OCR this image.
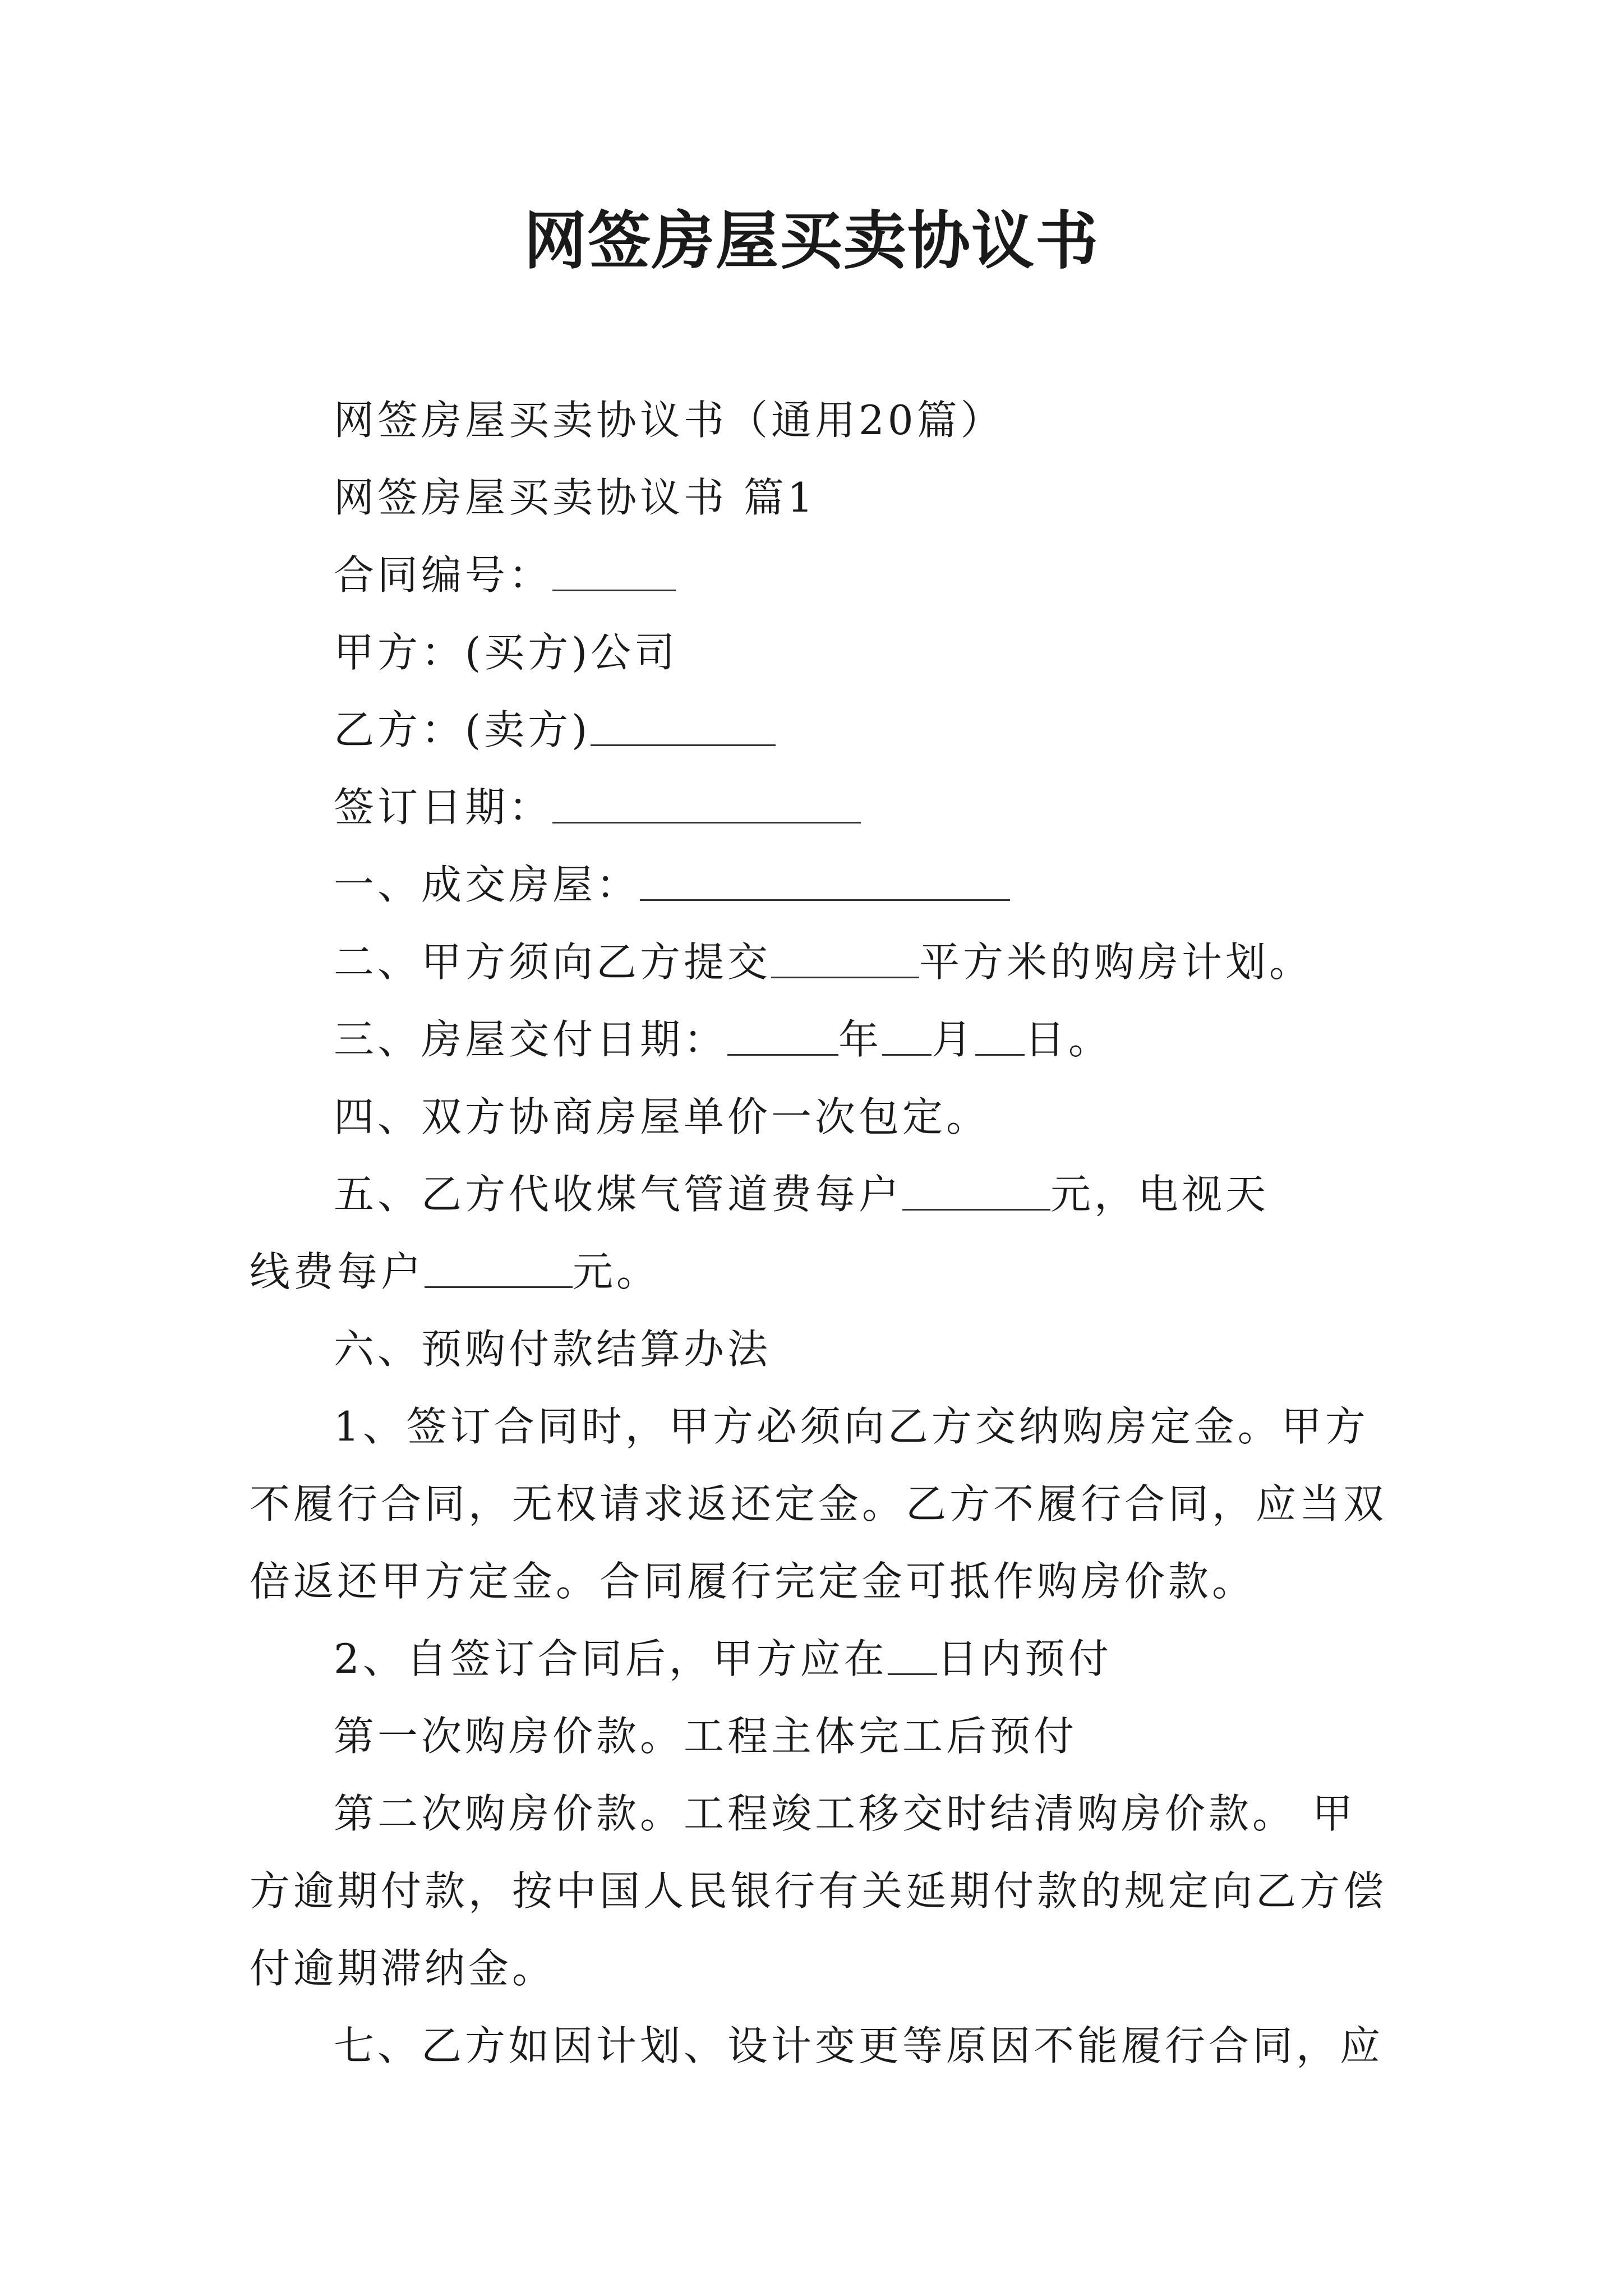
网签房屋买卖协议书
网签房屋买卖协议书（通用20篇）
网签房屋买卖协议书 篇1
合同编号：
甲方：(买方)公司
乙方：(卖方)
签订日期：
一、成交房屋：
二、甲方须向乙方提交	平方米的购房计划。
三、房屋交付日期：	年 月 日。
四、双方协商房屋单价一次包定。
五、乙方代收煤气管道费每户	元，电视天
线费每户	元。
六、预购付款结算办法
1、签订合同时，甲方必须向乙方交纳购房定金。甲方
不履行合同，无权请求返还定金。乙方不履行合同，应当双
倍返还甲方定金。合同履行完定金可抵作购房价款。
2、自签订合同后，甲方应在 日内预付
第一次购房价款。工程主体完工后预付
第二次购房价款。工程竣工移交时结清购房价款。 甲
方逾期付款，按中国人民银行有关延期付款的规定向乙方偿
付逾期滞纳金。
七、乙方如因计划、设计变更等原因不能履行合同，应
